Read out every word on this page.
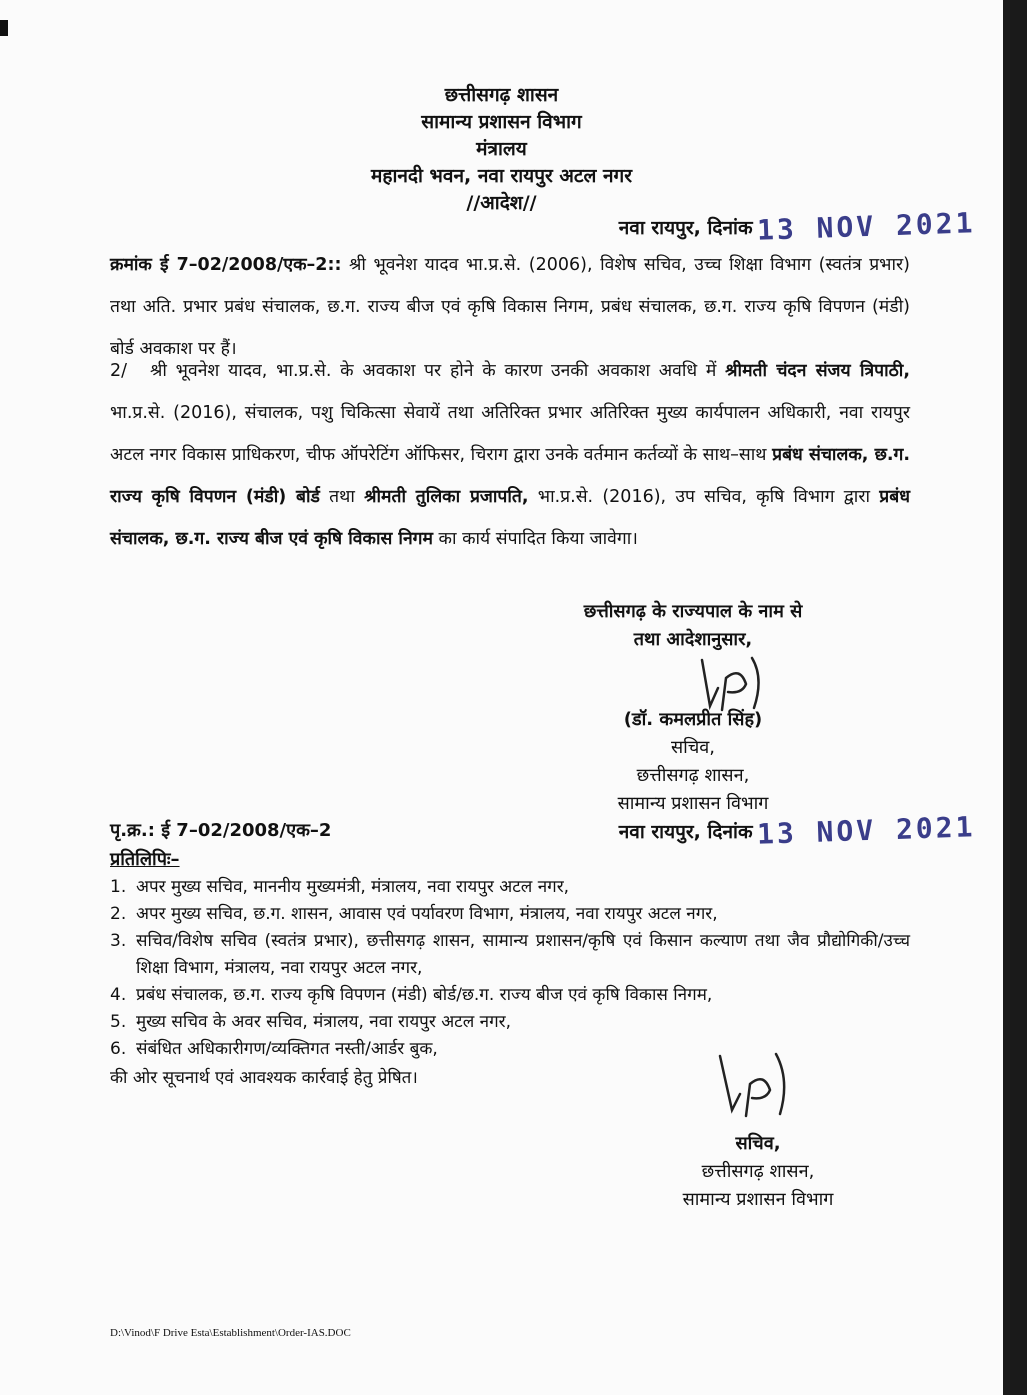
छत्तीसगढ़ शासन
सामान्य प्रशासन विभाग
मंत्रालय
महानदी भवन, नवा रायपुर अटल नगर
//आदेश//
नवा रायपुर, दिनांक 13 NOV 2021
क्रमांक ई 7–02/2008/एक–2:: श्री भूवनेश यादव भा.प्र.से. (2006), विशेष सचिव, उच्च शिक्षा विभाग (स्वतंत्र प्रभार) तथा अति. प्रभार प्रबंध संचालक, छ.ग. राज्य बीज एवं कृषि विकास निगम, प्रबंध संचालक, छ.ग. राज्य कृषि विपणन (मंडी) बोर्ड अवकाश पर हैं।
2/ श्री भूवनेश यादव, भा.प्र.से. के अवकाश पर होने के कारण उनकी अवकाश अवधि में श्रीमती चंदन संजय त्रिपाठी, भा.प्र.से. (2016), संचालक, पशु चिकित्सा सेवायें तथा अतिरिक्त प्रभार अतिरिक्त मुख्य कार्यपालन अधिकारी, नवा रायपुर अटल नगर विकास प्राधिकरण, चीफ ऑपरेटिंग ऑफिसर, चिराग द्वारा उनके वर्तमान कर्तव्यों के साथ–साथ प्रबंध संचालक, छ.ग. राज्य कृषि विपणन (मंडी) बोर्ड तथा श्रीमती तुलिका प्रजापति, भा.प्र.से. (2016), उप सचिव, कृषि विभाग द्वारा प्रबंध संचालक, छ.ग. राज्य बीज एवं कृषि विकास निगम का कार्य संपादित किया जावेगा।
छत्तीसगढ़ के राज्यपाल के नाम से
तथा आदेशानुसार,
(डॉ. कमलप्रीत सिंह)
सचिव,
छत्तीसगढ़ शासन,
सामान्य प्रशासन विभाग
पृ.क्र.: ई 7–02/2008/एक–2	नवा रायपुर, दिनांक 13 NOV 2021
प्रतिलिपिः–
1. अपर मुख्य सचिव, माननीय मुख्यमंत्री, मंत्रालय, नवा रायपुर अटल नगर,
2. अपर मुख्य सचिव, छ.ग. शासन, आवास एवं पर्यावरण विभाग, मंत्रालय, नवा रायपुर अटल नगर,
3. सचिव/विशेष सचिव (स्वतंत्र प्रभार), छत्तीसगढ़ शासन, सामान्य प्रशासन/कृषि एवं किसान कल्याण तथा जैव प्रौद्योगिकी/उच्च शिक्षा विभाग, मंत्रालय, नवा रायपुर अटल नगर,
4. प्रबंध संचालक, छ.ग. राज्य कृषि विपणन (मंडी) बोर्ड/छ.ग. राज्य बीज एवं कृषि विकास निगम,
5. मुख्य सचिव के अवर सचिव, मंत्रालय, नवा रायपुर अटल नगर,
6. संबंधित अधिकारीगण/व्यक्तिगत नस्ती/आर्डर बुक,
की ओर सूचनार्थ एवं आवश्यक कार्रवाई हेतु प्रेषित।
सचिव,
छत्तीसगढ़ शासन,
सामान्य प्रशासन विभाग
D:\Vinod\F Drive Esta\Establishment\Order-IAS.DOC
